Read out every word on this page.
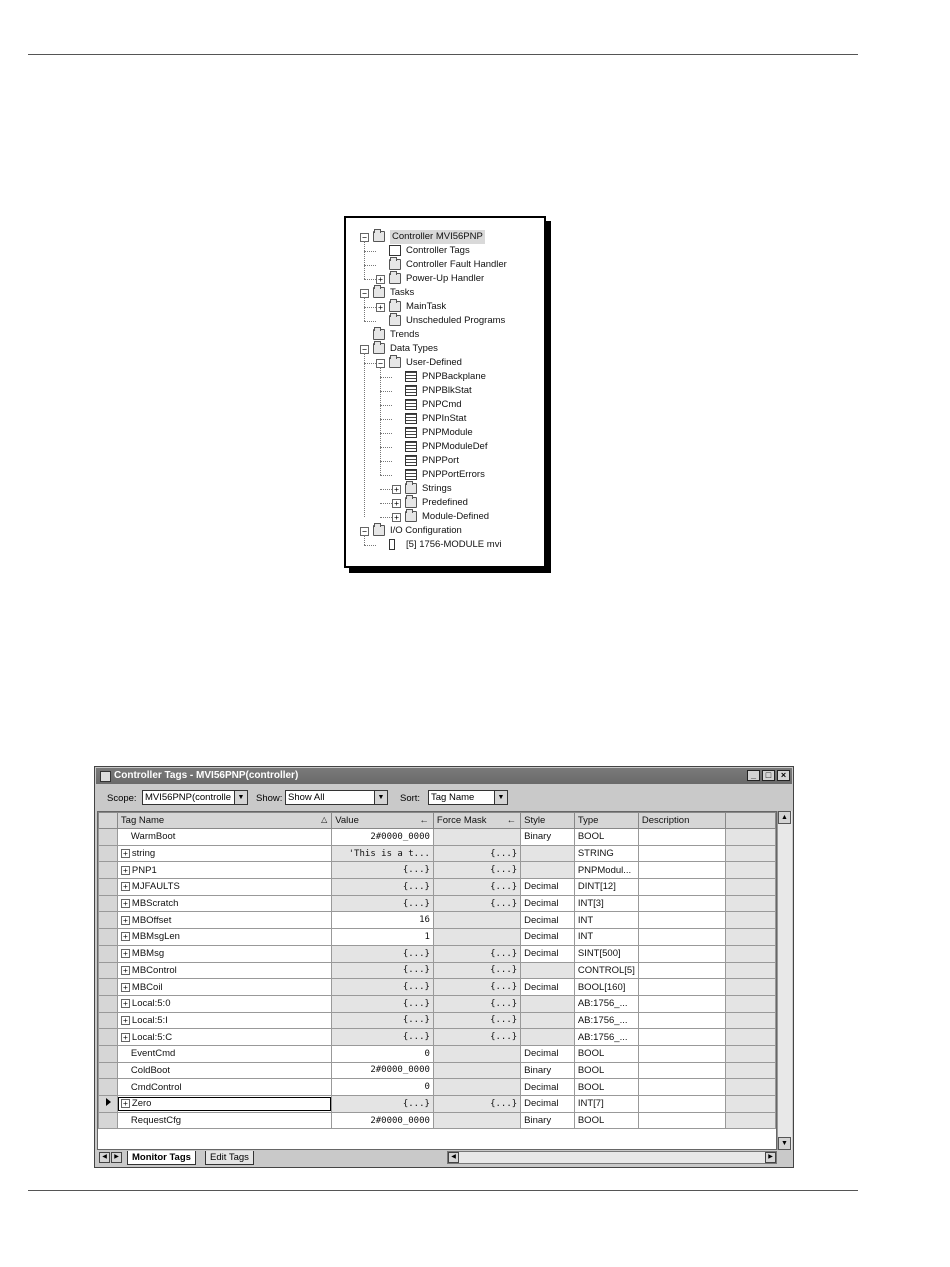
−	Controller MVI56PNP
Controller Tags
Controller Fault Handler
+ Power-Up Handler
− Tasks
+ MainTask
Unscheduled Programs
Trends
− Data Types
− User-Defined
PNPBackplane
PNPBlkStat
PNPCmd
PNPInStat
PNPModule
PNPModuleDef
PNPPort
PNPPortErrors
+ Strings
+ Predefined
+ Module-Defined
− I/O Configuration
[5] 1756-MODULE mvi
Controller Tags - MVI56PNP(controller)	_	□	×
Scope: MVI56PNP(controlle ▼ Show: Show All	▼ Sort:	Tag Name	▼
	Tag Name △	Value ←	Force Mask ←	Style	Type	Description	
	WarmBoot	2#0000_0000		Binary	BOOL		
	+ string	'This is a t...	{...}		STRING		
	+ PNP1	{...}	{...}		PNPModul...		
	+ MJFAULTS	{...}	{...}	Decimal	DINT[12]		
	+ MBScratch	{...}	{...}	Decimal	INT[3]		
	+ MBOffset	16		Decimal	INT		
	+ MBMsgLen	1		Decimal	INT		
	+ MBMsg	{...}	{...}	Decimal	SINT[500]		
	+ MBControl	{...}	{...}		CONTROL[5]		
	+ MBCoil	{...}	{...}	Decimal	BOOL[160]		
	+ Local:5:0	{...}	{...}		AB:1756_...		
	+ Local:5:I	{...}	{...}		AB:1756_...		
	+ Local:5:C	{...}	{...}		AB:1756_...		
	EventCmd	0		Decimal	BOOL		
	ColdBoot	2#0000_0000		Binary	BOOL		
	CmdControl	0		Decimal	BOOL		
	+ Zero	{...}	{...}	Decimal	INT[7]		
	RequestCfg	2#0000_0000		Binary	BOOL		
▲
▼
◀	▶	Monitor Tags	Edit Tags	◀	▶
